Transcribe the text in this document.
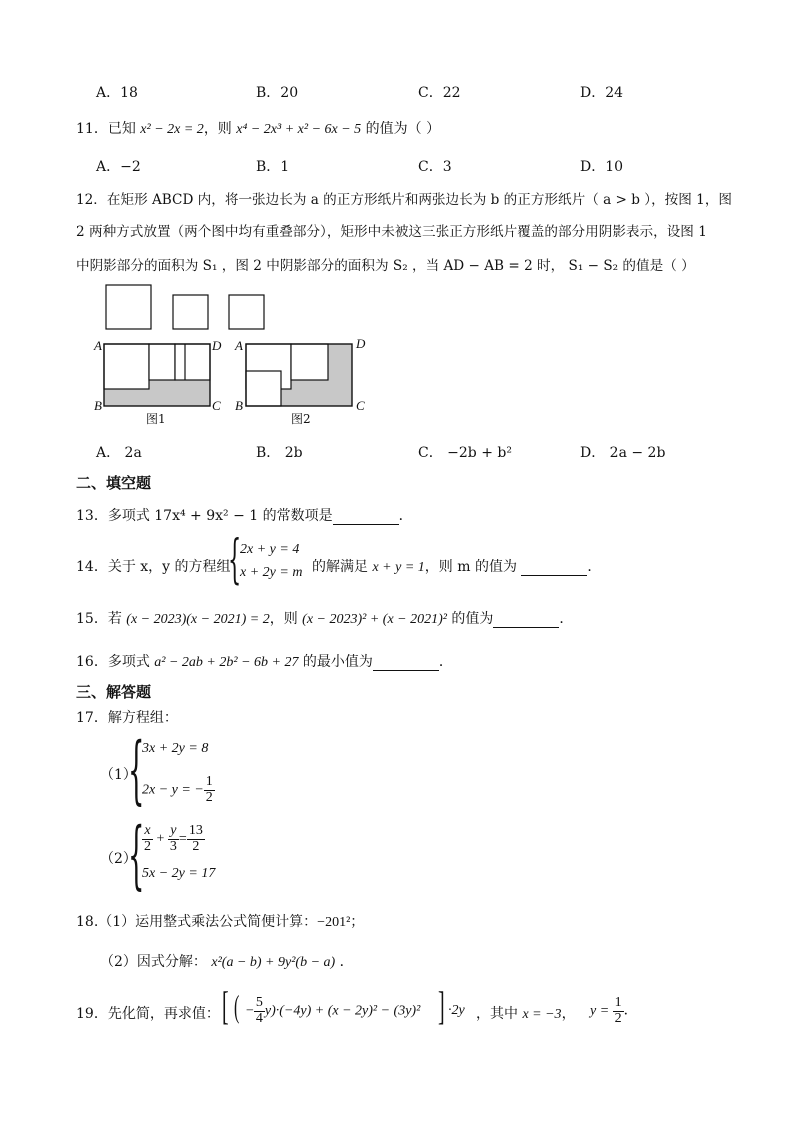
A．18	B．20	C．22	D．24
11．已知 x² − 2x = 2，则 x⁴ − 2x³ + x² − 6x − 5 的值为（ ）
A．−2	B．1	C．3	D．10
12．在矩形 ABCD 内，将一张边长为 a 的正方形纸片和两张边长为 b 的正方形纸片（ a > b ），按图 1，图
2 两种方式放置（两个图中均有重叠部分），矩形中未被这三张正方形纸片覆盖的部分用阴影表示，设图 1
中阴影部分的面积为 S₁ ，图 2 中阴影部分的面积为 S₂ ，当 AD − AB = 2 时， S₁ − S₂ 的值是（ ）
A	D
B	C
A	D
B	C
图1	图2
A． 2a	B． 2b	C． −2b + b²	D． 2a − 2b
二、填空题
13．多项式 17x⁴ + 9x² − 1 的常数项是	．
14．关于 x，y 的方程组
{
2x + y = 4
x + 2y = m 的解满足 x + y = 1，则 m 的值为	．
15．若 (x − 2023)(x − 2021) = 2，则 (x − 2023)² + (x − 2021)² 的值为	．
16．多项式 a² − 2ab + 2b² − 6b + 27 的最小值为	．
三、解答题
17．解方程组：
（1）
{
3x + 2y = 8
2x − y = − $\frac{1}{2}$
（2）
{
$\frac{x}{2} + \frac{y}{3} = \frac{13}{2}$
5x − 2y = 17
18.（1）运用整式乘法公式简便计算：−201²；
（2）因式分解： x²(a − b) + 9y²(b − a) ．
19．先化简，再求值： [ ( − $\frac{5}{4} y)\cdot(-4y) + (x - 2y)^2 - (3y)^2$ ] ·2y ，其中 x = −3， $y = \frac{1}{2}$ ．
